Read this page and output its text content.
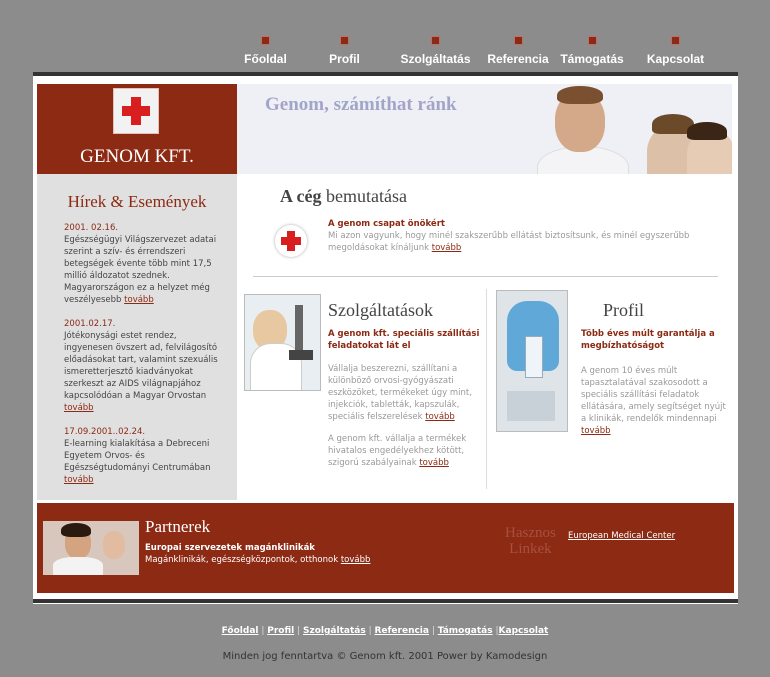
Főoldal	Profil	Szolgáltatás	Referencia Támogatás	Kapcsolat
GENOM KFT.
Genom, számíthat ránk
Hírek & Események
2001. 02.16.
Egészségügyi Világszervezet adatai szerint a szív- és érrendszeri betegségek évente több mint 17,5 millió áldozatot szednek. Magyarországon ez a helyzet még veszélyesebb tovább
2001.02.17.
Jótékonysági estet rendez, ingyenesen övszert ad, felvilágosító előadásokat tart, valamint szexuális ismeretterjesztő kiadványokat szerkeszt az AIDS világnapjához kapcsolódóan a Magyar Orvostan tovább
17.09.2001..02.24.
E-learning kialakítása a Debreceni Egyetem Orvos- és Egészségtudományi Centrumában tovább
A cég bemutatása
A genom csapat önökért
Mi azon vagyunk, hogy minél szakszerűbb ellátást biztosítsunk, és minél egyszerűbb megoldásokat kínáljunk tovább
Szolgáltatások
A genom kft. speciális szállítási feladatokat lát el
Vállalja beszerezni, szállítani a különböző orvosi-gyógyászati eszközöket, termékeket úgy mint, injekciók, tabletták, kapszulák, speciális felszerelések tovább
A genom kft. vállalja a termékek hivatalos engedélyekhez kötött, szigorú szabályainak tovább
Profil
Több éves múlt garantálja a megbízhatóságot
A genom 10 éves múlt tapasztalatával szakosodott a speciális szállítási feladatok ellátására, amely segítséget nyújt a klinikák, rendelők mindennapi tovább
Partnerek
Europai szervezetek magánklinikák
Magánklinikák, egészségközpontok, otthonok tovább
Hasznos
Linkek
European Medical Center
Főoldal | Profil | Szolgáltatás | Referencia | Támogatás |Kapcsolat
Minden jog fenntartva © Genom kft. 2001 Power by Kamodesign
